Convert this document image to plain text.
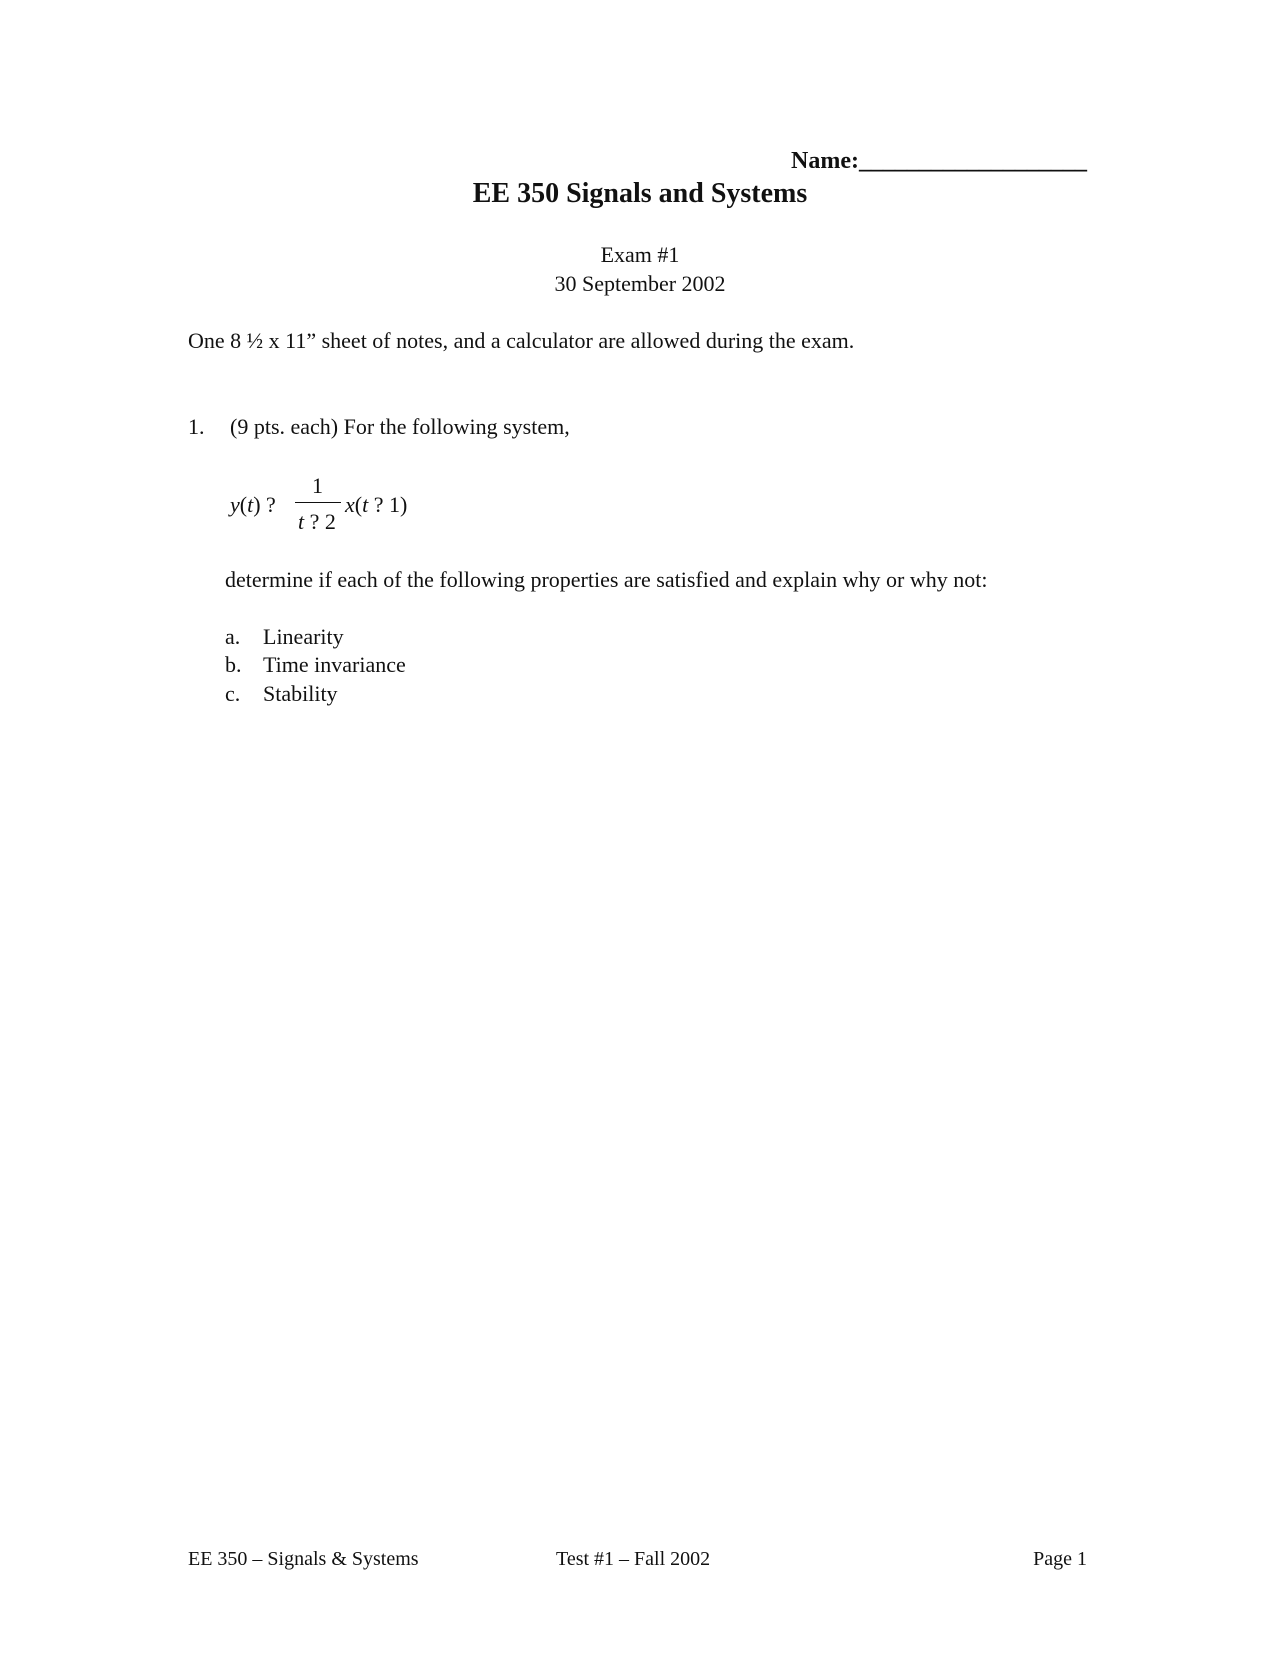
Name:___________________
EE 350 Signals and Systems
Exam #1
30 September 2002
One 8 ½ x 11” sheet of notes, and a calculator are allowed during the exam.
1. (9 pts. each) For the following system,
y(t) ?
1
t ? 2
x(t ? 1)
determine if each of the following properties are satisfied and explain why or why not:
a. Linearity
b. Time invariance
c. Stability
EE 350 – Signals & Systems	Test #1 – Fall 2002	Page 1
